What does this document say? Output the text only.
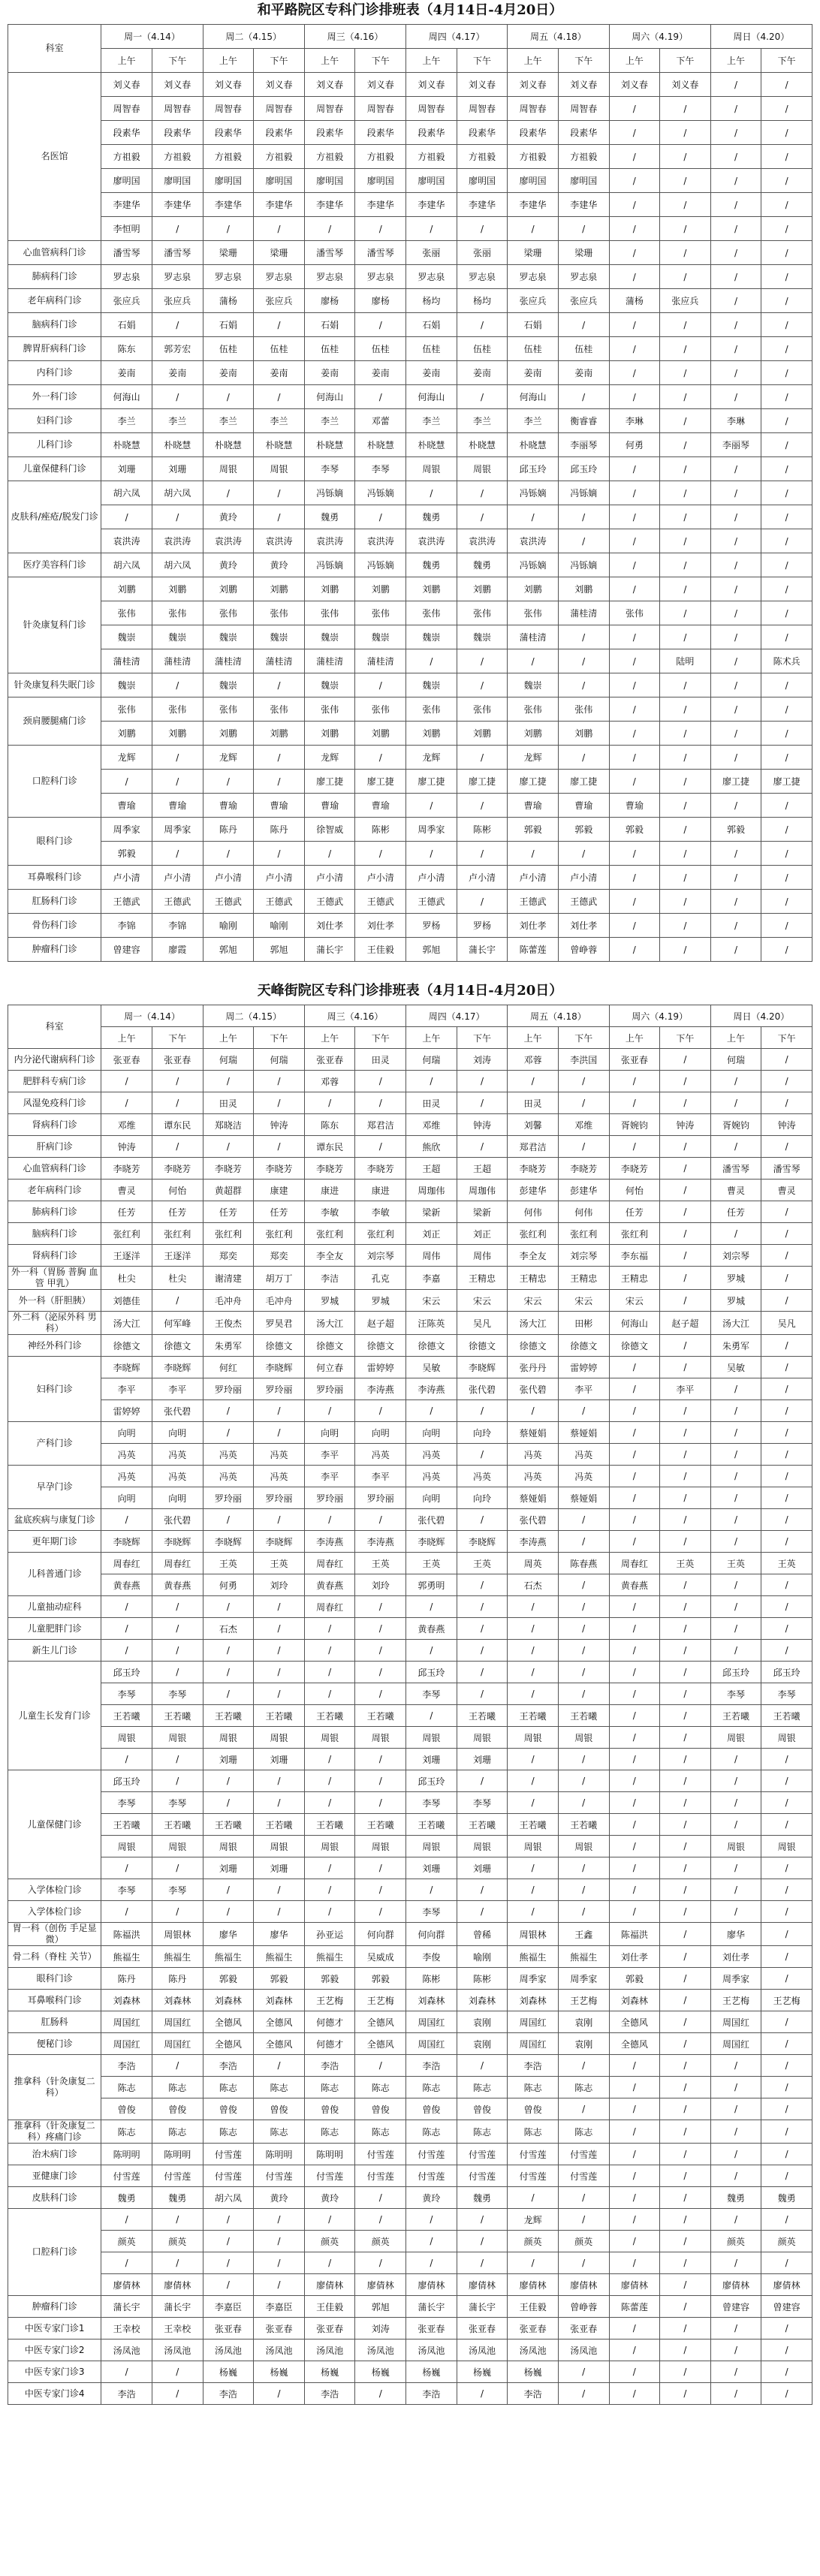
和平路院区专科门诊排班表（4月14日-4月20日）
科室	周一（4.14）		周二（4.15）		周三（4.16）		周四（4.17）		周五（4.18）		周六（4.19）		周日（4.20）	
	上午	下午	上午	下午	上午	下午	上午	下午	上午	下午	上午	下午	上午	下午
名医馆	刘义春	刘义春	刘义春	刘义春	刘义春	刘义春	刘义春	刘义春	刘义春	刘义春	刘义春	刘义春	/	/
	周智春	周智春	周智春	周智春	周智春	周智春	周智春	周智春	周智春	周智春	/	/	/	/
	段素华	段素华	段素华	段素华	段素华	段素华	段素华	段素华	段素华	段素华	/	/	/	/
	方祖毅	方祖毅	方祖毅	方祖毅	方祖毅	方祖毅	方祖毅	方祖毅	方祖毅	方祖毅	/	/	/	/
	廖明国	廖明国	廖明国	廖明国	廖明国	廖明国	廖明国	廖明国	廖明国	廖明国	/	/	/	/
	李建华	李建华	李建华	李建华	李建华	李建华	李建华	李建华	李建华	李建华	/	/	/	/
	李恒明	/	/	/	/	/	/	/	/	/	/	/	/	/
心血管病科门诊	潘雪琴	潘雪琴	梁珊	梁珊	潘雪琴	潘雪琴	张丽	张丽	梁珊	梁珊	/	/	/	/
肺病科门诊	罗志泉	罗志泉	罗志泉	罗志泉	罗志泉	罗志泉	罗志泉	罗志泉	罗志泉	罗志泉	/	/	/	/
老年病科门诊	张应兵	张应兵	蒲杨	张应兵	廖杨	廖杨	杨均	杨均	张应兵	张应兵	蒲杨	张应兵	/	/
脑病科门诊	石娟	/	石娟	/	石娟	/	石娟	/	石娟	/	/	/	/	/
脾胃肝病科门诊	陈东	郭芳宏	伍桂	伍桂	伍桂	伍桂	伍桂	伍桂	伍桂	伍桂	/	/	/	/
内科门诊	姜南	姜南	姜南	姜南	姜南	姜南	姜南	姜南	姜南	姜南	/	/	/	/
外一科门诊	何海山	/	/	/	何海山	/	何海山	/	何海山	/	/	/	/	/
妇科门诊	李兰	李兰	李兰	李兰	李兰	邓蕾	李兰	李兰	李兰	衡睿睿	李琳	/	李琳	/
儿科门诊	朴晓慧	朴晓慧	朴晓慧	朴晓慧	朴晓慧	朴晓慧	朴晓慧	朴晓慧	朴晓慧	李丽琴	何勇	/	李丽琴	/
儿童保健科门诊	刘珊	刘珊	周银	周银	李琴	李琴	周银	周银	邱玉玲	邱玉玲	/	/	/	/
皮肤科/痤疮/脱发门诊	胡六凤	胡六凤	/	/	冯铄嫡	冯铄嫡	/	/	冯铄嫡	冯铄嫡	/	/	/	/
	/	/	黄玲	/	魏勇	/	魏勇	/	/	/	/	/	/	/
	袁洪涛	袁洪涛	袁洪涛	袁洪涛	袁洪涛	袁洪涛	袁洪涛	袁洪涛	袁洪涛	/	/	/	/	/
医疗美容科门诊	胡六凤	胡六凤	黄玲	黄玲	冯铄嫡	冯铄嫡	魏勇	魏勇	冯铄嫡	冯铄嫡	/	/	/	/
针灸康复科门诊	刘鹏	刘鹏	刘鹏	刘鹏	刘鹏	刘鹏	刘鹏	刘鹏	刘鹏	刘鹏	/	/	/	/
	张伟	张伟	张伟	张伟	张伟	张伟	张伟	张伟	张伟	蒲桂清	张伟	/	/	/
	魏崇	魏崇	魏崇	魏崇	魏崇	魏崇	魏崇	魏崇	蒲桂清	/	/	/	/	/
	蒲桂清	蒲桂清	蒲桂清	蒲桂清	蒲桂清	蒲桂清	/	/	/	/	/	陆明	/	陈术兵
针灸康复科失眠门诊	魏崇	/	魏崇	/	魏崇	/	魏崇	/	魏崇	/	/	/	/	/
颈肩腰腿痛门诊	张伟	张伟	张伟	张伟	张伟	张伟	张伟	张伟	张伟	张伟	/	/	/	/
	刘鹏	刘鹏	刘鹏	刘鹏	刘鹏	刘鹏	刘鹏	刘鹏	刘鹏	刘鹏	/	/	/	/
口腔科门诊	龙辉	/	龙辉	/	龙辉	/	龙辉	/	龙辉	/	/	/	/	/
	/	/	/	/	廖工捷	廖工捷	廖工捷	廖工捷	廖工捷	廖工捷	/	/	廖工捷	廖工捷
	曹瑜	曹瑜	曹瑜	曹瑜	曹瑜	曹瑜	/	/	曹瑜	曹瑜	曹瑜	/	/	/
眼科门诊	周季家	周季家	陈丹	陈丹	徐智威	陈彬	周季家	陈彬	郭毅	郭毅	郭毅	/	郭毅	/
	郭毅	/	/	/	/	/	/	/	/	/	/	/	/	/
耳鼻喉科门诊	卢小清	卢小清	卢小清	卢小清	卢小清	卢小清	卢小清	卢小清	卢小清	卢小清	/	/	/	/
肛肠科门诊	王德武	王德武	王德武	王德武	王德武	王德武	王德武	/	王德武	王德武	/	/	/	/
骨伤科门诊	李锦	李锦	喻刚	喻刚	刘仕孝	刘仕孝	罗杨	罗杨	刘仕孝	刘仕孝	/	/	/	/
肿瘤科门诊	曾建容	廖霞	郭旭	郭旭	蒲长宇	王佳毅	郭旭	蒲长宇	陈蕾莲	曾峥蓉	/	/	/	/
天峰街院区专科门诊排班表（4月14日-4月20日）
科室	周一（4.14）		周二（4.15）		周三（4.16）		周四（4.17）		周五（4.18）		周六（4.19）		周日（4.20）	
	上午	下午	上午	下午	上午	下午	上午	下午	上午	下午	上午	下午	上午	下午
内分泌代谢病科门诊	张亚春	张亚春	何瑞	何瑞	张亚春	田灵	何瑞	刘涛	邓蓉	李洪国	张亚春	/	何瑞	/
肥胖科专病门诊	/	/	/	/	邓蓉	/	/	/	/	/	/	/	/	/
风湿免疫科门诊	/	/	田灵	/	/	/	田灵	/	田灵	/	/	/	/	/
肾病科门诊	邓维	谭东民	郑晓洁	钟涛	陈东	郑君洁	邓维	钟涛	刘馨	邓维	胥婉钧	钟涛	胥婉钧	钟涛
肝病门诊	钟涛	/	/	/	谭东民	/	熊欣	/	郑君洁	/	/	/	/	/
心血管病科门诊	李晓芳	李晓芳	李晓芳	李晓芳	李晓芳	李晓芳	王超	王超	李晓芳	李晓芳	李晓芳	/	潘雪琴	潘雪琴
老年病科门诊	曹灵	何怡	黄超群	康建	康进	康进	周珈伟	周珈伟	彭建华	彭建华	何怡	/	曹灵	曹灵
肺病科门诊	任芳	任芳	任芳	任芳	李敏	李敏	梁新	梁新	何伟	何伟	任芳	/	任芳	/
脑病科门诊	张红利	张红利	张红利	张红利	张红利	张红利	刘正	刘正	张红利	张红利	张红利	/	/	/
肾病科门诊	王逐洋	王逐洋	郑奕	郑奕	李全友	刘宗琴	周伟	周伟	李全友	刘宗琴	李东福	/	刘宗琴	/
外一科（胃肠 普胸 血管 甲乳）	杜尖	杜尖	谢清建	胡万丁	李洁	孔克	李嘉	王精忠	王精忠	王精忠	王精忠	/	罗城	/
外一科（肝胆胰）	刘德佳	/	毛冲舟	毛冲舟	罗城	罗城	宋云	宋云	宋云	宋云	宋云	/	罗城	/
外二科（泌尿外科 男科）	汤大江	何军峰	王俊杰	罗昊君	汤大江	赵子超	汪陈英	吴凡	汤大江	田彬	何海山	赵子超	汤大江	吴凡
神经外科门诊	徐德文	徐德文	朱勇军	徐德文	徐德文	徐德文	徐德文	徐德文	徐德文	徐德文	徐德文	/	朱勇军	/
妇科门诊	李晓辉	李晓辉	何红	李晓辉	何立春	雷婷婷	吴敏	李晓辉	张丹丹	雷婷婷	/	/	吴敏	/
	李平	李平	罗玲丽	罗玲丽	罗玲丽	李涛燕	李涛燕	张代碧	张代碧	李平	/	李平	/	/
	雷婷婷	张代碧	/	/	/	/	/	/	/	/	/	/	/	/
产科门诊	向明	向明	/	/	向明	向明	向明	向玲	蔡娅娟	蔡娅娟	/	/	/	/
	冯英	冯英	冯英	冯英	李平	冯英	冯英	/	冯英	冯英	/	/	/	/
早孕门诊	冯英	冯英	冯英	冯英	李平	李平	冯英	冯英	冯英	冯英	/	/	/	/
	向明	向明	罗玲丽	罗玲丽	罗玲丽	罗玲丽	向明	向玲	蔡娅娟	蔡娅娟	/	/	/	/
盆底疾病与康复门诊	/	张代碧	/	/	/	/	张代碧	/	张代碧	/	/	/	/	/
更年期门诊	李晓辉	李晓辉	李晓辉	李晓辉	李涛燕	李涛燕	李晓辉	李晓辉	李涛燕	/	/	/	/	/
儿科普通门诊	周春红	周春红	王英	王英	周春红	王英	王英	王英	周英	陈春燕	周春红	王英	王英	王英
	黄春燕	黄春燕	何勇	刘玲	黄春燕	刘玲	郭勇明	/	石杰	/	黄春燕	/	/	/
儿童抽动症科	/	/	/	/	周春红	/	/	/	/	/	/	/	/	/
儿童肥胖门诊	/	/	石杰	/	/	/	黄春燕	/	/	/	/	/	/	/
新生儿门诊	/	/	/	/	/	/	/	/	/	/	/	/	/	/
儿童生长发育门诊	邱玉玲	/	/	/	/	/	邱玉玲	/	/	/	/	/	邱玉玲	邱玉玲
	李琴	李琴	/	/	/	/	李琴	/	/	/	/	/	李琴	李琴
	王若曦	王若曦	王若曦	王若曦	王若曦	王若曦	/	王若曦	王若曦	王若曦	/	/	王若曦	王若曦
	周银	周银	周银	周银	周银	周银	周银	周银	周银	周银	/	/	周银	周银
	/	/	刘珊	刘珊	/	/	刘珊	刘珊	/	/	/	/	/	/
儿童保健门诊	邱玉玲	/	/	/	/	/	邱玉玲	/	/	/	/	/	/	/
	李琴	李琴	/	/	/	/	李琴	李琴	/	/	/	/	/	/
	王若曦	王若曦	王若曦	王若曦	王若曦	王若曦	王若曦	王若曦	王若曦	王若曦	/	/	/	/
	周银	周银	周银	周银	周银	周银	周银	周银	周银	周银	/	/	周银	周银
	/	/	刘珊	刘珊	/	/	刘珊	刘珊	/	/	/	/	/	/
入学体检门诊	李琴	李琴	/	/	/	/	/	/	/	/	/	/	/	/
入学体检门诊	/	/	/	/	/	/	李琴	/	/	/	/	/	/	/
胃一科（创伤 手足显微）	陈福洪	周银林	廖华	廖华	孙亚运	何向群	何向群	曾稀	周银林	王鑫	陈福洪	/	廖华	/
骨二科（脊柱 关节）	熊福生	熊福生	熊福生	熊福生	熊福生	吴威成	李俊	喻刚	熊福生	熊福生	刘仕孝	/	刘仕孝	/
眼科门诊	陈丹	陈丹	郭毅	郭毅	郭毅	郭毅	陈彬	陈彬	周季家	周季家	郭毅	/	周季家	/
耳鼻喉科门诊	刘森林	刘森林	刘森林	刘森林	王艺梅	王艺梅	刘森林	刘森林	刘森林	王艺梅	刘森林	/	王艺梅	王艺梅
肛肠科	周国红	周国红	全德风	全德风	何德才	全德风	周国红	袁刚	周国红	袁刚	全德风	/	周国红	/
便秘门诊	周国红	周国红	全德风	全德风	何德才	全德风	周国红	袁刚	周国红	袁刚	全德风	/	周国红	/
推拿科（针灸康复二科）	李浩	/	李浩	/	李浩	/	李浩	/	李浩	/	/	/	/	/
	陈志	陈志	陈志	陈志	陈志	陈志	陈志	陈志	陈志	陈志	/	/	/	/
	曾俊	曾俊	曾俊	曾俊	曾俊	曾俊	曾俊	曾俊	曾俊	/	/	/	/	/
推拿科（针灸康复二科）疼痛门诊	陈志	陈志	陈志	陈志	陈志	陈志	陈志	陈志	陈志	陈志	/	/	/	/
治未病门诊	陈明明	陈明明	付雪莲	陈明明	陈明明	付雪莲	付雪莲	付雪莲	付雪莲	付雪莲	/	/	/	/
亚健康门诊	付雪莲	付雪莲	付雪莲	付雪莲	付雪莲	付雪莲	付雪莲	付雪莲	付雪莲	付雪莲	/	/	/	/
皮肤科门诊	魏勇	魏勇	胡六凤	黄玲	黄玲	/	黄玲	魏勇	/	/	/	/	魏勇	魏勇
口腔科门诊	/	/	/	/	/	/	/	/	龙辉	/	/	/	/	/
	颜英	颜英	/	/	颜英	颜英	/	/	颜英	颜英	/	/	颜英	颜英
	/	/	/	/	/	/	/	/	/	/	/	/	/	/
	廖倩林	廖倩林	/	/	廖倩林	廖倩林	廖倩林	廖倩林	廖倩林	廖倩林	廖倩林	/	廖倩林	廖倩林
肿瘤科门诊	蒲长宇	蒲长宇	李嘉臣	李嘉臣	王佳毅	郭旭	蒲长宇	蒲长宇	王佳毅	曾峥蓉	陈蕾莲	/	曾建容	曾建容
中医专家门诊1	王幸校	王幸校	张亚春	张亚春	张亚春	刘涛	张亚春	张亚春	张亚春	张亚春	/	/	/	/
中医专家门诊2	汤凤池	汤凤池	汤凤池	汤凤池	汤凤池	汤凤池	汤凤池	汤凤池	汤凤池	汤凤池	/	/	/	/
中医专家门诊3	/	/	杨巍	杨巍	杨巍	杨巍	杨巍	杨巍	杨巍	/	/	/	/	/
中医专家门诊4	李浩	/	李浩	/	李浩	/	李浩	/	李浩	/	/	/	/	/
